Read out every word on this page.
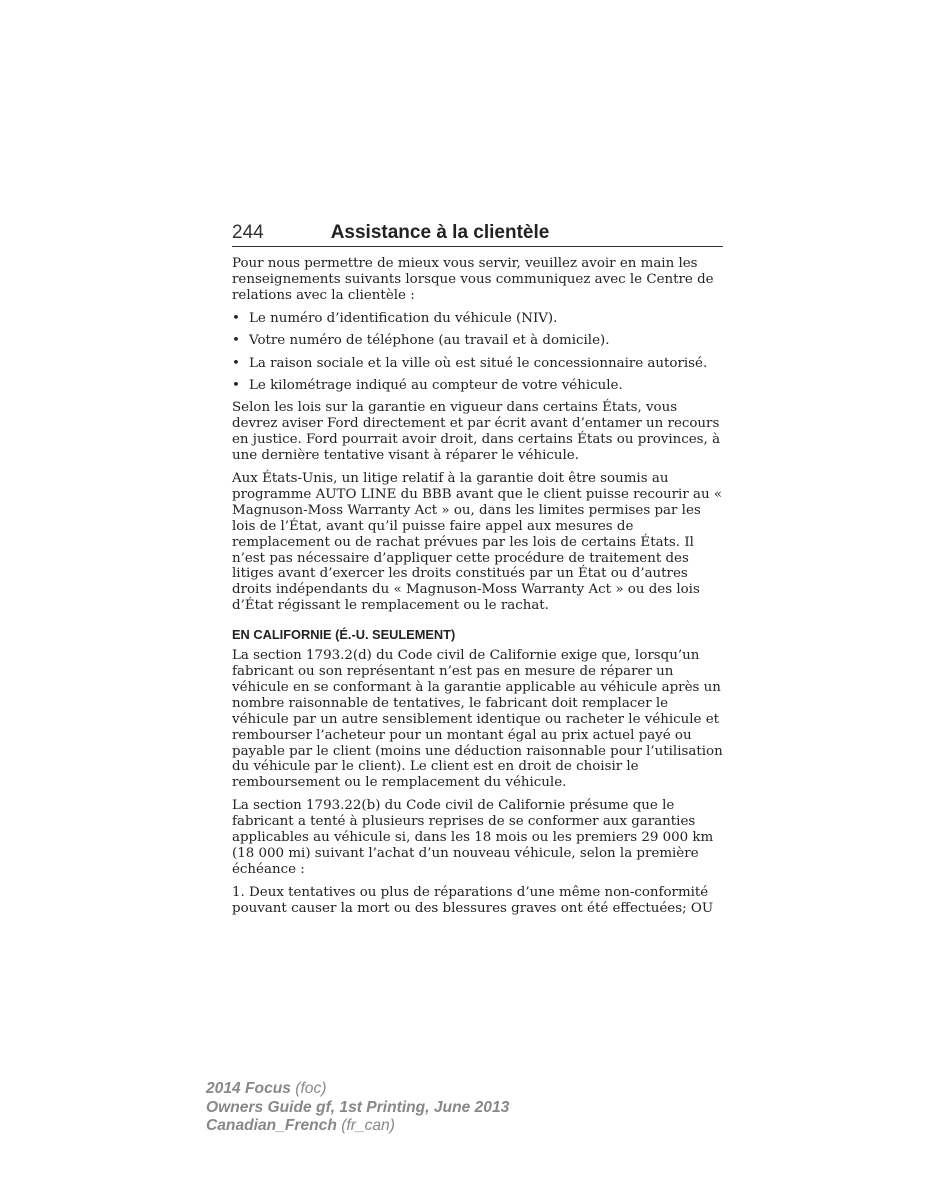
244	Assistance à la clientèle

Pour nous permettre de mieux vous servir, veuillez avoir en main les renseignements suivants lorsque vous communiquez avec le Centre de relations avec la clientèle :

• Le numéro d’identification du véhicule (NIV).
• Votre numéro de téléphone (au travail et à domicile).
• La raison sociale et la ville où est situé le concessionnaire autorisé.
• Le kilométrage indiqué au compteur de votre véhicule.

Selon les lois sur la garantie en vigueur dans certains États, vous devrez aviser Ford directement et par écrit avant d’entamer un recours en justice. Ford pourrait avoir droit, dans certains États ou provinces, à une dernière tentative visant à réparer le véhicule.

Aux États-Unis, un litige relatif à la garantie doit être soumis au programme AUTO LINE du BBB avant que le client puisse recourir au « Magnuson-Moss Warranty Act » ou, dans les limites permises par les lois de l’État, avant qu’il puisse faire appel aux mesures de remplacement ou de rachat prévues par les lois de certains États. Il n’est pas nécessaire d’appliquer cette procédure de traitement des litiges avant d’exercer les droits constitués par un État ou d’autres droits indépendants du « Magnuson-Moss Warranty Act » ou des lois d’État régissant le remplacement ou le rachat.

EN CALIFORNIE (É.-U. SEULEMENT)

La section 1793.2(d) du Code civil de Californie exige que, lorsqu’un fabricant ou son représentant n’est pas en mesure de réparer un véhicule en se conformant à la garantie applicable au véhicule après un nombre raisonnable de tentatives, le fabricant doit remplacer le véhicule par un autre sensiblement identique ou racheter le véhicule et rembourser l’acheteur pour un montant égal au prix actuel payé ou payable par le client (moins une déduction raisonnable pour l’utilisation du véhicule par le client). Le client est en droit de choisir le remboursement ou le remplacement du véhicule.

La section 1793.22(b) du Code civil de Californie présume que le fabricant a tenté à plusieurs reprises de se conformer aux garanties applicables au véhicule si, dans les 18 mois ou les premiers 29 000 km (18 000 mi) suivant l’achat d’un nouveau véhicule, selon la première échéance :

1. Deux tentatives ou plus de réparations d’une même non-conformité pouvant causer la mort ou des blessures graves ont été effectuées; OU

2014 Focus (foc)
Owners Guide gf, 1st Printing, June 2013
Canadian_French (fr_can)
